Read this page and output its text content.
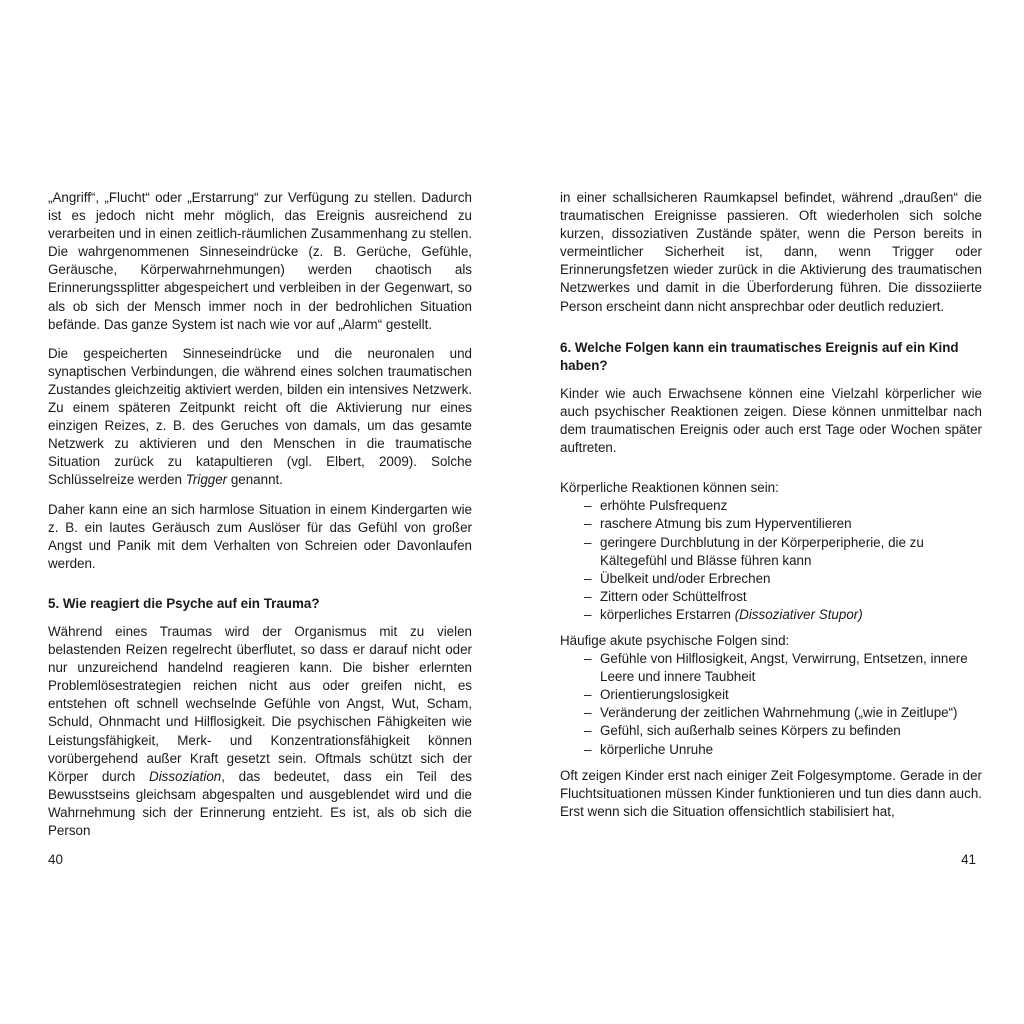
„Angriff“, „Flucht“ oder „Erstarrung“ zur Verfügung zu stellen. Dadurch ist es jedoch nicht mehr möglich, das Ereignis ausreichend zu verarbeiten und in einen zeitlich-räumlichen Zusammenhang zu stellen. Die wahrgenommenen Sinneseindrücke (z. B. Gerüche, Gefühle, Geräusche, Körperwahrnehmungen) werden chaotisch als Erinnerungssplitter abgespeichert und verbleiben in der Gegenwart, so als ob sich der Mensch immer noch in der bedrohlichen Situation befände. Das ganze System ist nach wie vor auf „Alarm“ gestellt.

Die gespeicherten Sinneseindrücke und die neuronalen und synaptischen Verbindungen, die während eines solchen traumatischen Zustandes gleichzeitig aktiviert werden, bilden ein intensives Netzwerk. Zu einem späteren Zeitpunkt reicht oft die Aktivierung nur eines einzigen Reizes, z. B. des Geruches von damals, um das gesamte Netzwerk zu aktivieren und den Menschen in die traumatische Situation zurück zu katapultieren (vgl. Elbert, 2009). Solche Schlüsselreize werden Trigger genannt.

Daher kann eine an sich harmlose Situation in einem Kindergarten wie z. B. ein lautes Geräusch zum Auslöser für das Gefühl von großer Angst und Panik mit dem Verhalten von Schreien oder Davonlaufen werden.

5. Wie reagiert die Psyche auf ein Trauma?

Während eines Traumas wird der Organismus mit zu vielen belastenden Reizen regelrecht überflutet, so dass er darauf nicht oder nur unzureichend handelnd reagieren kann. Die bisher erlernten Problemlösestrategien reichen nicht aus oder greifen nicht, es entstehen oft schnell wechselnde Gefühle von Angst, Wut, Scham, Schuld, Ohnmacht und Hilflosigkeit. Die psychischen Fähigkeiten wie Leistungsfähigkeit, Merk- und Konzentrationsfähigkeit können vorübergehend außer Kraft gesetzt sein. Oftmals schützt sich der Körper durch Dissoziation, das bedeutet, dass ein Teil des Bewusstseins gleichsam abgespalten und ausgeblendet wird und die Wahrnehmung sich der Erinnerung entzieht. Es ist, als ob sich die Person

40

in einer schallsicheren Raumkapsel befindet, während „draußen“ die traumatischen Ereignisse passieren. Oft wiederholen sich solche kurzen, dissoziativen Zustände später, wenn die Person bereits in vermeintlicher Sicherheit ist, dann, wenn Trigger oder Erinnerungsfetzen wieder zurück in die Aktivierung des traumatischen Netzwerkes und damit in die Überforderung führen. Die dissoziierte Person erscheint dann nicht ansprechbar oder deutlich reduziert.

6. Welche Folgen kann ein traumatisches Ereignis auf ein Kind haben?

Kinder wie auch Erwachsene können eine Vielzahl körperlicher wie auch psychischer Reaktionen zeigen. Diese können unmittelbar nach dem traumatischen Ereignis oder auch erst Tage oder Wochen später auftreten.

Körperliche Reaktionen können sein:

– erhöhte Pulsfrequenz
– raschere Atmung bis zum Hyperventilieren
– geringere Durchblutung in der Körperperipherie, die zu Kältegefühl und Blässe führen kann
– Übelkeit und/oder Erbrechen
– Zittern oder Schüttelfrost
– körperliches Erstarren (Dissoziativer Stupor)

Häufige akute psychische Folgen sind:

– Gefühle von Hilflosigkeit, Angst, Verwirrung, Entsetzen, innere Leere und innere Taubheit
– Orientierungslosigkeit
– Veränderung der zeitlichen Wahrnehmung („wie in Zeitlupe“)
– Gefühl, sich außerhalb seines Körpers zu befinden
– körperliche Unruhe

Oft zeigen Kinder erst nach einiger Zeit Folgesymptome. Gerade in der Fluchtsituationen müssen Kinder funktionieren und tun dies dann auch. Erst wenn sich die Situation offensichtlich stabilisiert hat,

41
